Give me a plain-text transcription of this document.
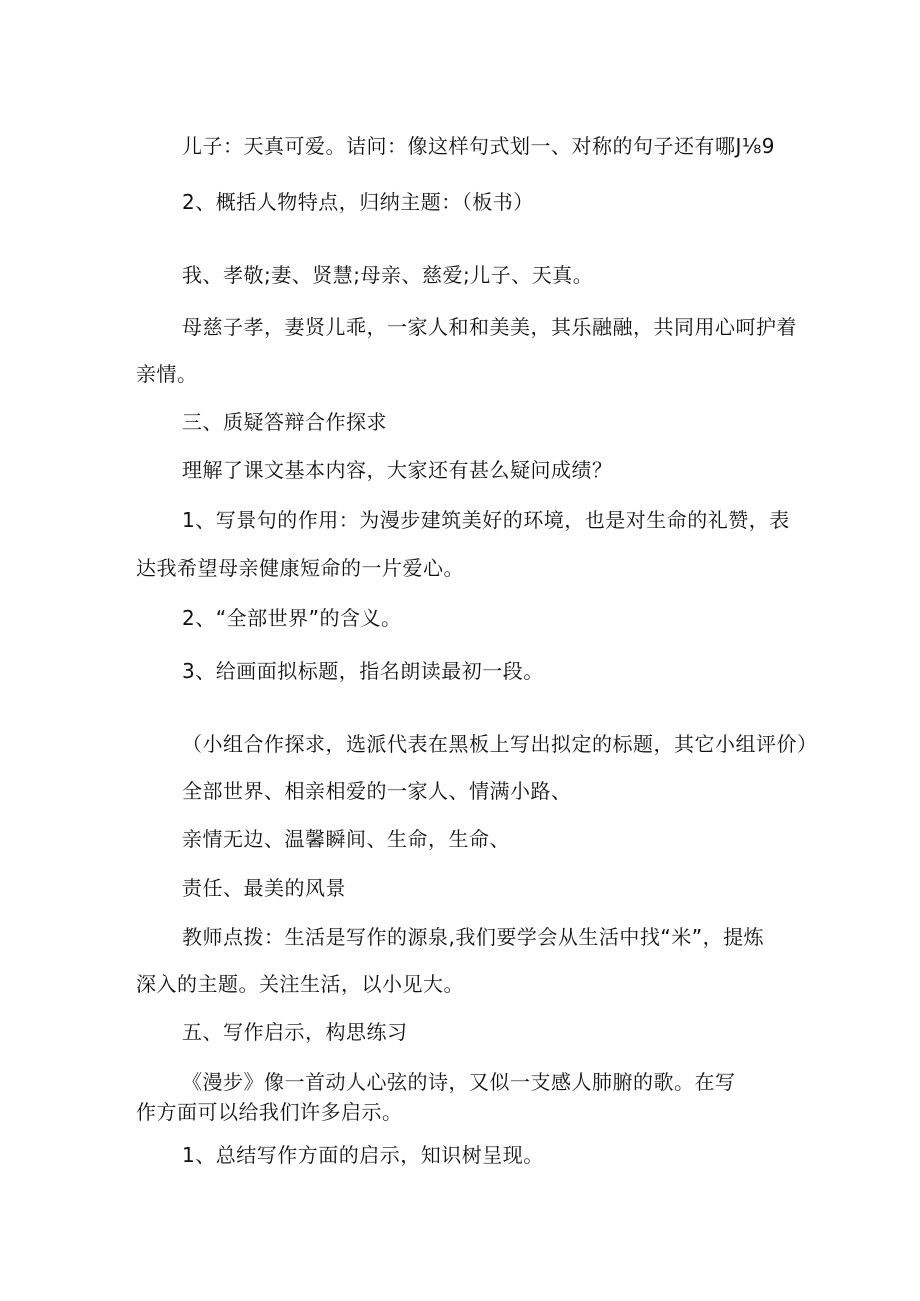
儿子：天真可爱。诘问：像这样句式划一、对称的句子还有哪J⅛9
2、概括人物特点，归纳主题：（板书）
我、孝敬;妻、贤慧;母亲、慈爱;儿子、天真。
母慈子孝，妻贤儿乖，一家人和和美美，其乐融融，共同用心呵护着
亲情。
三、质疑答辩合作探求
理解了课文基本内容，大家还有甚么疑问成绩？
1、写景句的作用：为漫步建筑美好的环境，也是对生命的礼赞，表
达我希望母亲健康短命的一片爱心。
2、“全部世界”的含义。
3、给画面拟标题，指名朗读最初一段。
（小组合作探求，选派代表在黑板上写出拟定的标题，其它小组评价）
全部世界、相亲相爱的一家人、情满小路、
亲情无边、温馨瞬间、生命，生命、
责任、最美的风景
教师点拨：生活是写作的源泉,我们要学会从生活中找“米”，提炼
深入的主题。关注生活，以小见大。
五、写作启示，构思练习
《漫步》像一首动人心弦的诗，又似一支感人肺腑的歌。在写
作方面可以给我们许多启示。
1、总结写作方面的启示，知识树呈现。
